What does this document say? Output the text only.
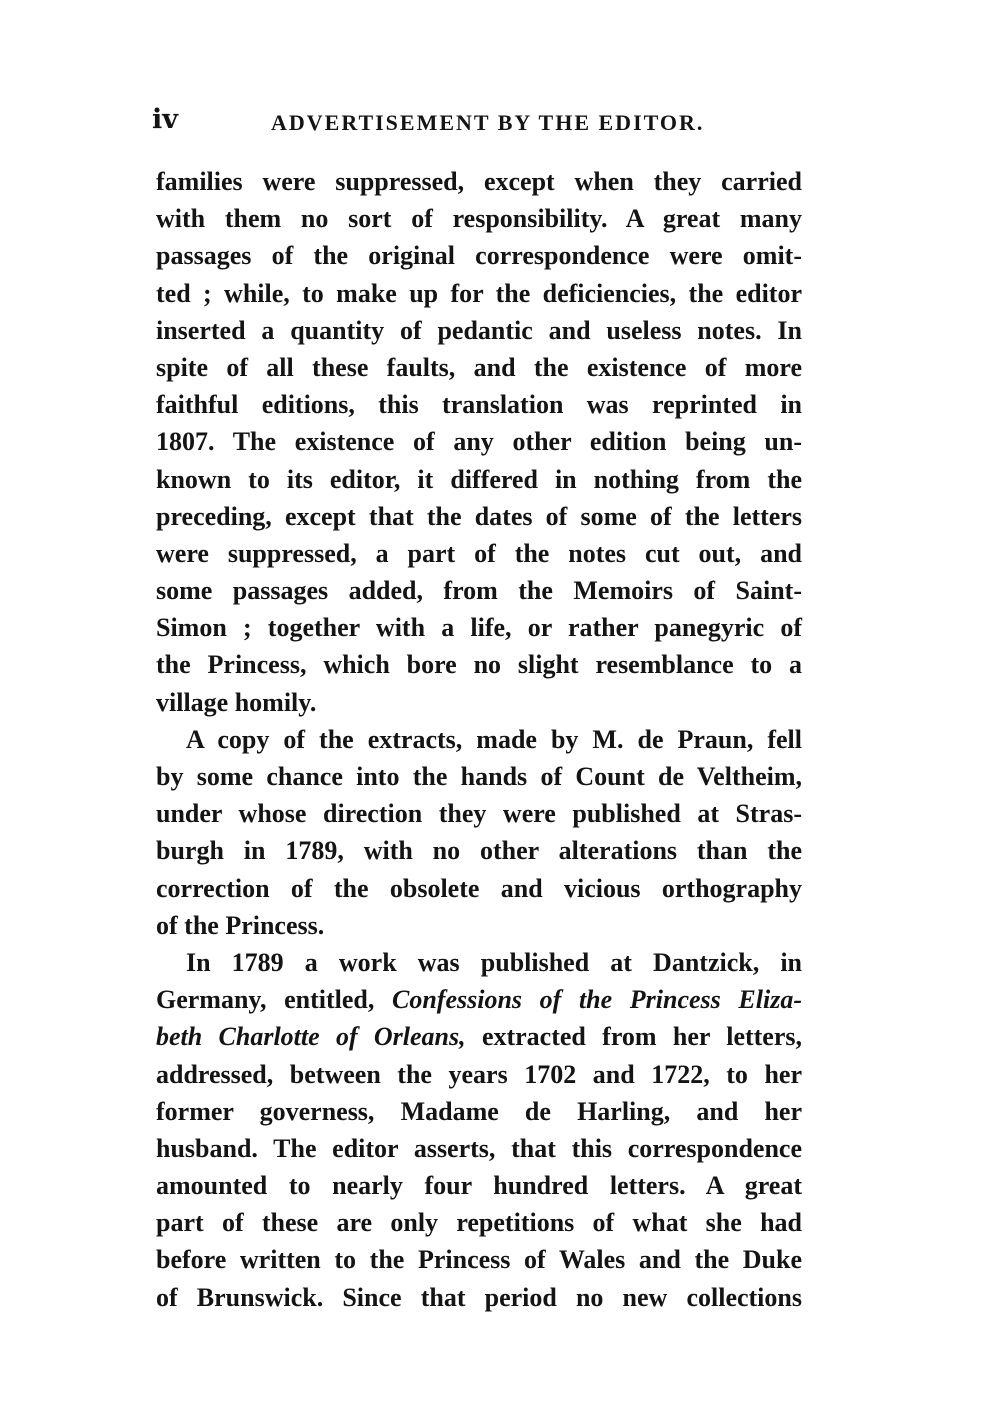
iv	ADVERTISEMENT BY THE EDITOR.
families were suppressed, except when they carried
with them no sort of responsibility. A great many
passages of the original correspondence were omit-
ted ; while, to make up for the deficiencies, the editor
inserted a quantity of pedantic and useless notes. In
spite of all these faults, and the existence of more
faithful editions, this translation was reprinted in
1807. The existence of any other edition being un-
known to its editor, it differed in nothing from the
preceding, except that the dates of some of the letters
were suppressed, a part of the notes cut out, and
some passages added, from the Memoirs of Saint-
Simon ; together with a life, or rather panegyric of
the Princess, which bore no slight resemblance to a
village homily.
A copy of the extracts, made by M. de Praun, fell
by some chance into the hands of Count de Veltheim,
under whose direction they were published at Stras-
burgh in 1789, with no other alterations than the
correction of the obsolete and vicious orthography
of the Princess.
In 1789 a work was published at Dantzick, in
Germany, entitled, Confessions of the Princess Eliza-
beth Charlotte of Orleans, extracted from her letters,
addressed, between the years 1702 and 1722, to her
former governess, Madame de Harling, and her
husband. The editor asserts, that this correspondence
amounted to nearly four hundred letters. A great
part of these are only repetitions of what she had
before written to the Princess of Wales and the Duke
of Brunswick. Since that period no new collections
